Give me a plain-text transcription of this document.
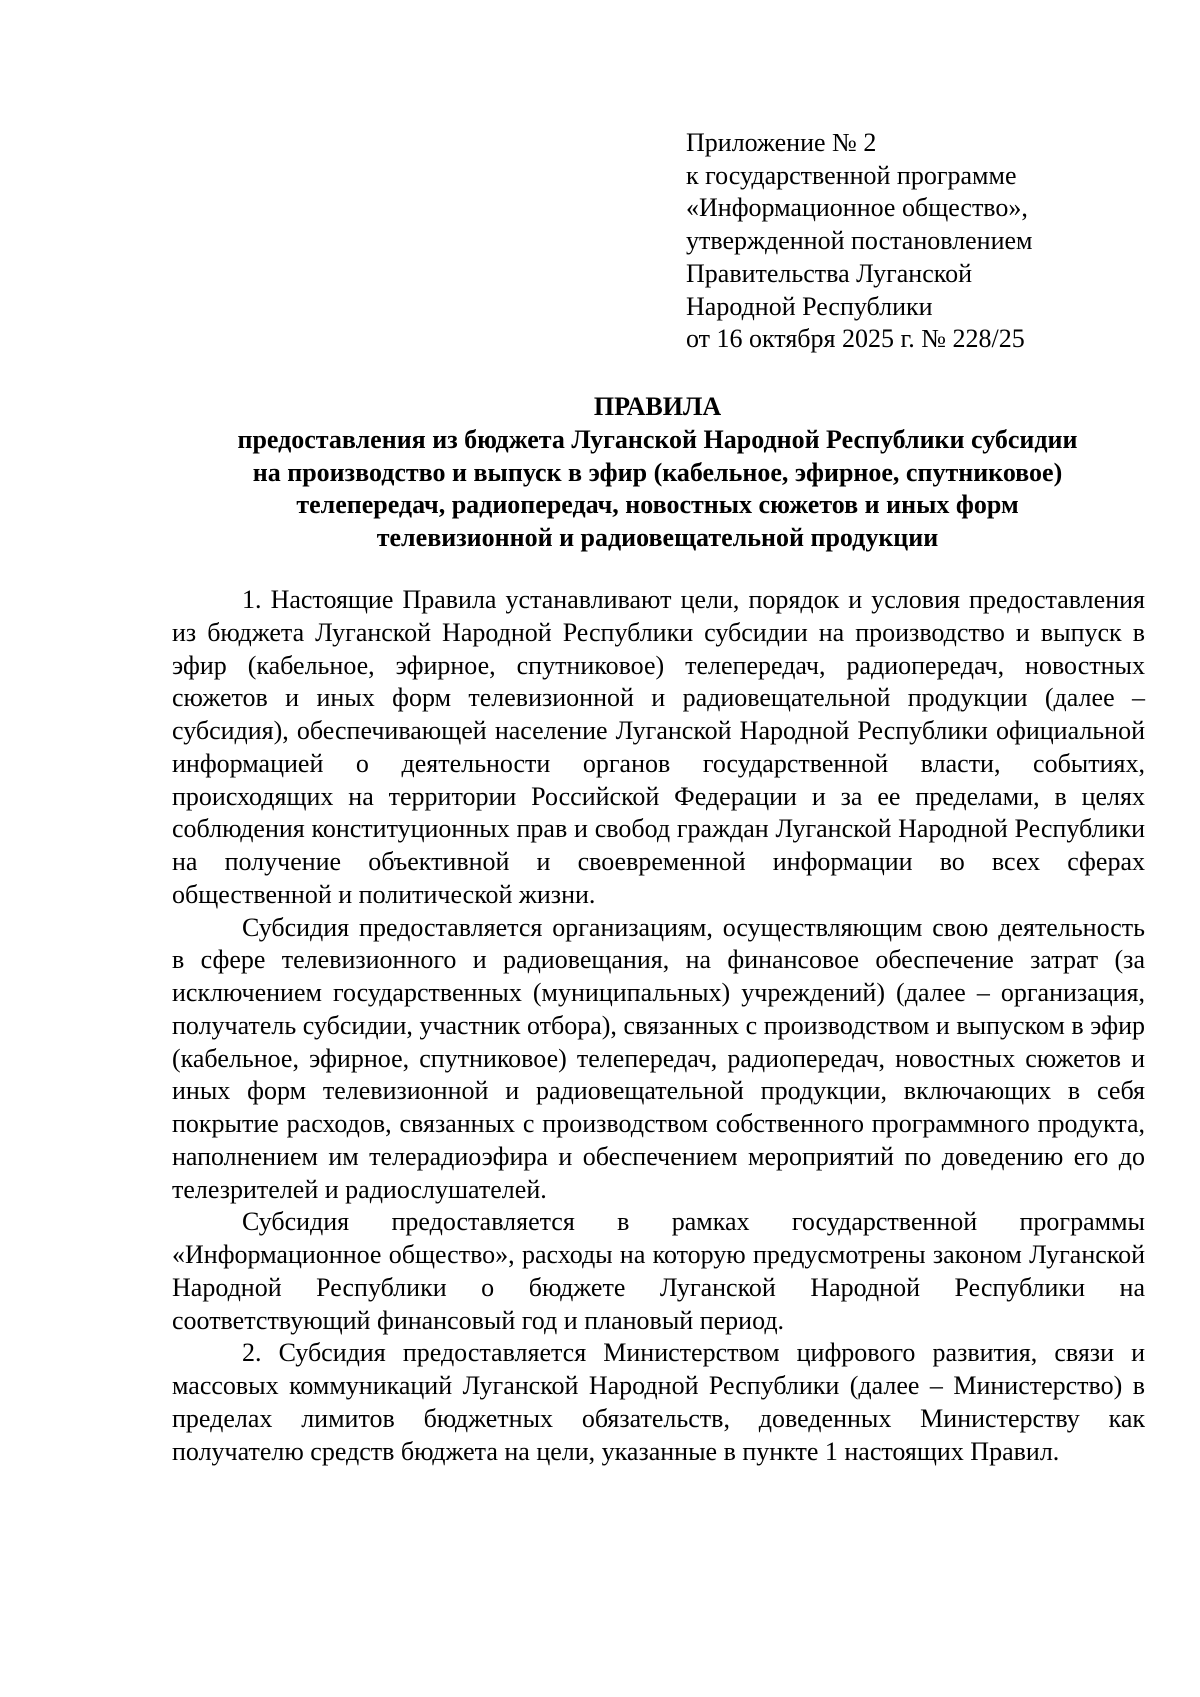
Приложение № 2
к государственной программе
«Информационное общество»,
утвержденной постановлением
Правительства Луганской
Народной Республики
от 16 октября 2025 г. № 228/25
ПРАВИЛА
предоставления из бюджета Луганской Народной Республики субсидии
на производство и выпуск в эфир (кабельное, эфирное, спутниковое)
телепередач, радиопередач, новостных сюжетов и иных форм
телевизионной и радиовещательной продукции

1. Настоящие Правила устанавливают цели, порядок и условия предоставления из бюджета Луганской Народной Республики субсидии на производство и выпуск в эфир (кабельное, эфирное, спутниковое) телепередач, радиопередач, новостных сюжетов и иных форм телевизионной и радиовещательной продукции (далее – субсидия), обеспечивающей население Луганской Народной Республики официальной информацией о деятельности органов государственной власти, событиях, происходящих на территории Российской Федерации и за ее пределами, в целях соблюдения конституционных прав и свобод граждан Луганской Народной Республики на получение объективной и своевременной информации во всех сферах общественной и политической жизни.

Субсидия предоставляется организациям, осуществляющим свою деятельность в сфере телевизионного и радиовещания, на финансовое обеспечение затрат (за исключением государственных (муниципальных) учреждений) (далее – организация, получатель субсидии, участник отбора), связанных с производством и выпуском в эфир (кабельное, эфирное, спутниковое) телепередач, радиопередач, новостных сюжетов и иных форм телевизионной и радиовещательной продукции, включающих в себя покрытие расходов, связанных с производством собственного программного продукта, наполнением им телерадиоэфира и обеспечением мероприятий по доведению его до телезрителей и радиослушателей.

Субсидия предоставляется в рамках государственной программы «Информационное общество», расходы на которую предусмотрены законом Луганской Народной Республики о бюджете Луганской Народной Республики на соответствующий финансовый год и плановый период.

2. Субсидия предоставляется Министерством цифрового развития, связи и массовых коммуникаций Луганской Народной Республики (далее – Министерство) в пределах лимитов бюджетных обязательств, доведенных Министерству как получателю средств бюджета на цели, указанные в пункте 1 настоящих Правил.
